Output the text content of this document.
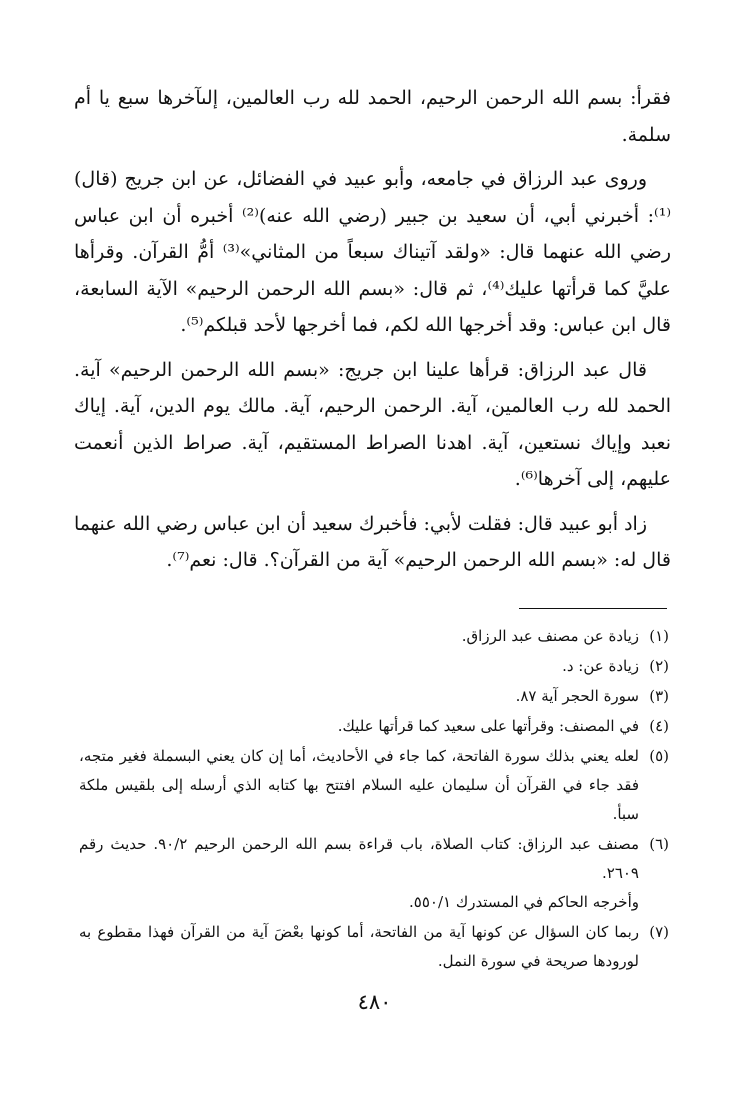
فقرأ: بسم الله الرحمن الرحيم، الحمد لله رب العالمين، إلىآخرها سبع يا أم سلمة.

وروى عبد الرزاق في جامعه، وأبو عبيد في الفضائل، عن ابن جريج (قال)⁽¹⁾: أخبرني أبي، أن سعيد بن جبير (رضي الله عنه)⁽²⁾ أخبره أن ابن عباس رضي الله عنهما قال: «ولقد آتيناك سبعاً من المثاني»⁽³⁾ أمُّ القرآن. وقرأها عليَّ كما قرأتها عليك⁽⁴⁾، ثم قال: «بسم الله الرحمن الرحيم» الآية السابعة، قال ابن عباس: وقد أخرجها الله لكم، فما أخرجها لأحد قبلكم⁽⁵⁾.

قال عبد الرزاق: قرأها علينا ابن جريج: «بسم الله الرحمن الرحيم» آية. الحمد لله رب العالمين، آية. الرحمن الرحيم، آية. مالك يوم الدين، آية. إياك نعبد وإياك نستعين، آية. اهدنا الصراط المستقيم، آية. صراط الذين أنعمت عليهم، إلى آخرها⁽⁶⁾.

زاد أبو عبيد قال: فقلت لأبي: فأخبرك سعيد أن ابن عباس رضي الله عنهما قال له: «بسم الله الرحمن الرحيم» آية من القرآن؟. قال: نعم⁽⁷⁾.

(١)زيادة عن مصنف عبد الرزاق.
(٢)زيادة عن: د.
(٣)سورة الحجر آية ٨٧.
(٤)في المصنف: وقرأتها على سعيد كما قرأتها عليك.
(٥)لعله يعني بذلك سورة الفاتحة، كما جاء في الأحاديث، أما إن كان يعني البسملة فغير متجه، فقد جاء في القرآن أن سليمان عليه السلام افتتح بها كتابه الذي أرسله إلى بلقيس ملكة سبأ.
(٦)مصنف عبد الرزاق: كتاب الصلاة، باب قراءة بسم الله الرحمن الرحيم ٩٠/٢. حديث رقم ٢٦٠٩.
وأخرجه الحاكم في المستدرك ٥٥٠/١.
(٧)ربما كان السؤال عن كونها آية من الفاتحة، أما كونها بعْضَ آية من القرآن فهذا مقطوع به لورودها صريحة في سورة النمل.
٤٨٠
